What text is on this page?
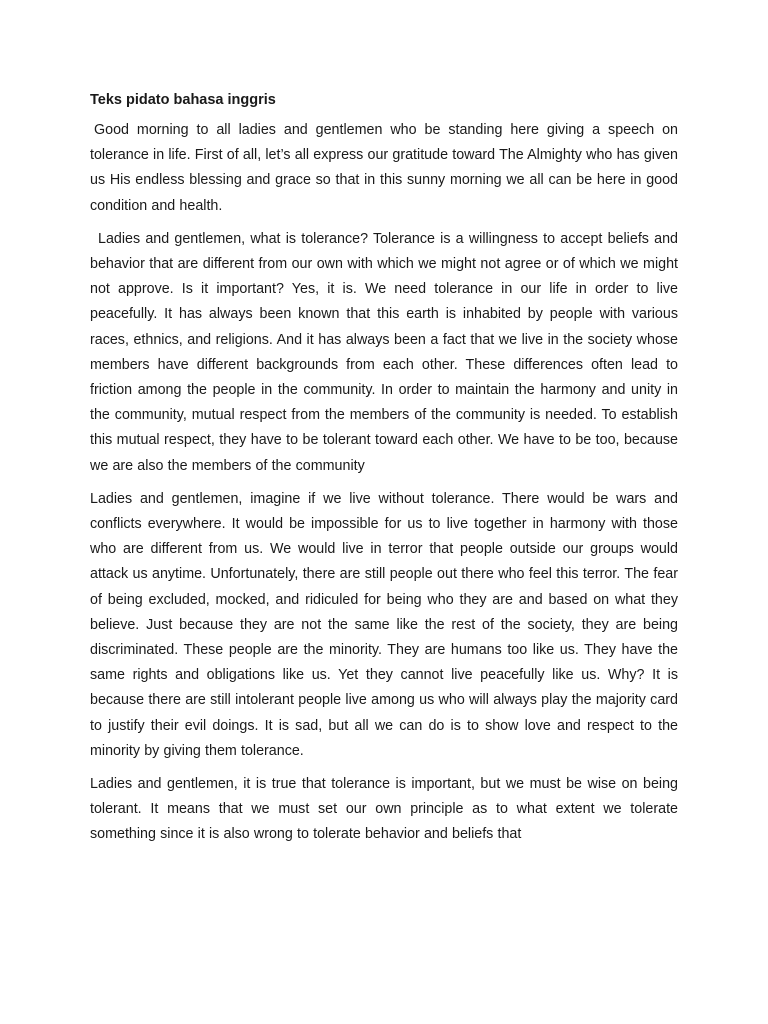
Teks pidato bahasa inggris

Good morning to all ladies and gentlemen who be standing here giving a speech on tolerance in life. First of all, let’s all express our gratitude toward The Almighty who has given us His endless blessing and grace so that in this sunny morning we all can be here in good condition and health.

Ladies and gentlemen, what is tolerance? Tolerance is a willingness to accept beliefs and behavior that are different from our own with which we might not agree or of which we might not approve. Is it important? Yes, it is. We need tolerance in our life in order to live peacefully. It has always been known that this earth is inhabited by people with various races, ethnics, and religions. And it has always been a fact that we live in the society whose members have different backgrounds from each other. These differences often lead to friction among the people in the community. In order to maintain the harmony and unity in the community, mutual respect from the members of the community is needed. To establish this mutual respect, they have to be tolerant toward each other. We have to be too, because we are also the members of the community

Ladies and gentlemen, imagine if we live without tolerance. There would be wars and conflicts everywhere. It would be impossible for us to live together in harmony with those who are different from us. We would live in terror that people outside our groups would attack us anytime. Unfortunately, there are still people out there who feel this terror. The fear of being excluded, mocked, and ridiculed for being who they are and based on what they believe. Just because they are not the same like the rest of the society, they are being discriminated. These people are the minority. They are humans too like us. They have the same rights and obligations like us. Yet they cannot live peacefully like us. Why? It is because there are still intolerant people live among us who will always play the majority card to justify their evil doings. It is sad, but all we can do is to show love and respect to the minority by giving them tolerance.

Ladies and gentlemen, it is true that tolerance is important, but we must be wise on being tolerant. It means that we must set our own principle as to what extent we tolerate something since it is also wrong to tolerate behavior and beliefs that
